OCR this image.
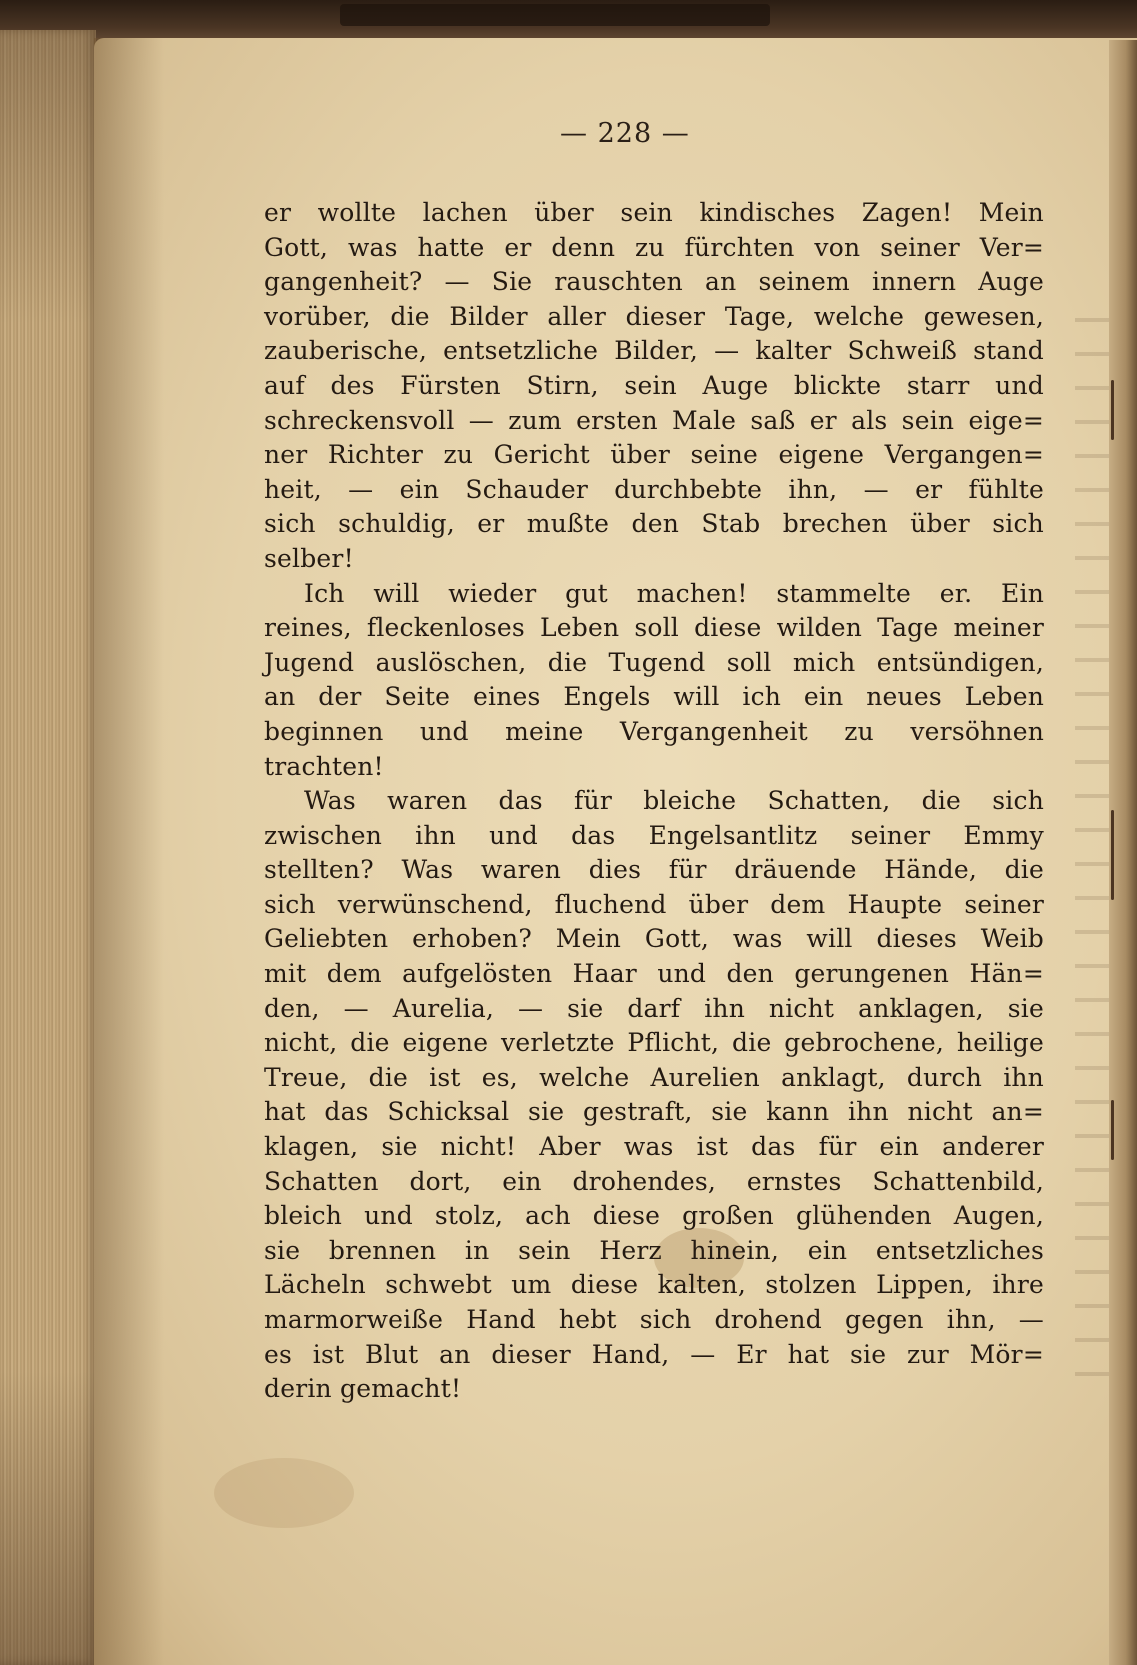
— 228 —
er wollte lachen über sein kindisches Zagen! Mein
Gott, was hatte er denn zu fürchten von seiner Ver=
gangenheit? — Sie rauschten an seinem innern Auge
vorüber, die Bilder aller dieser Tage, welche gewesen,
zauberische, entsetzliche Bilder, — kalter Schweiß stand
auf des Fürsten Stirn, sein Auge blickte starr und
schreckensvoll — zum ersten Male saß er als sein eige=
ner Richter zu Gericht über seine eigene Vergangen=
heit, — ein Schauder durchbebte ihn, — er fühlte
sich schuldig, er mußte den Stab brechen über sich
selber!
Ich will wieder gut machen! stammelte er. Ein
reines, fleckenloses Leben soll diese wilden Tage meiner
Jugend auslöschen, die Tugend soll mich entsündigen,
an der Seite eines Engels will ich ein neues Leben
beginnen und meine Vergangenheit zu versöhnen
trachten!
Was waren das für bleiche Schatten, die sich
zwischen ihn und das Engelsantlitz seiner Emmy
stellten? Was waren dies für dräuende Hände, die
sich verwünschend, fluchend über dem Haupte seiner
Geliebten erhoben? Mein Gott, was will dieses Weib
mit dem aufgelösten Haar und den gerungenen Hän=
den, — Aurelia, — sie darf ihn nicht anklagen, sie
nicht, die eigene verletzte Pflicht, die gebrochene, heilige
Treue, die ist es, welche Aurelien anklagt, durch ihn
hat das Schicksal sie gestraft, sie kann ihn nicht an=
klagen, sie nicht! Aber was ist das für ein anderer
Schatten dort, ein drohendes, ernstes Schattenbild,
bleich und stolz, ach diese großen glühenden Augen,
sie brennen in sein Herz hinein, ein entsetzliches
Lächeln schwebt um diese kalten, stolzen Lippen, ihre
marmorweiße Hand hebt sich drohend gegen ihn, —
es ist Blut an dieser Hand, — Er hat sie zur Mör=
derin gemacht!
